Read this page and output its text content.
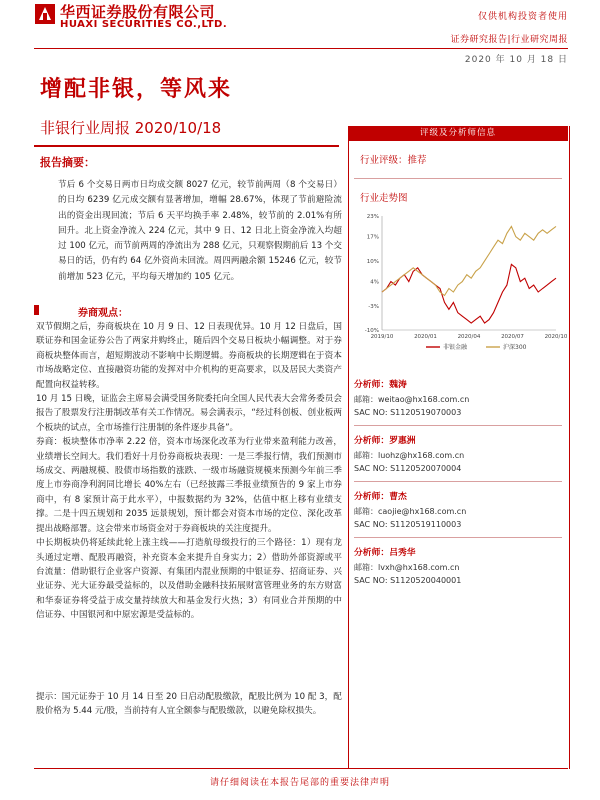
华西证券股份有限公司
HUAXI SECURITIES CO.,LTD.
仅供机构投资者使用
证券研究报告|行业研究周报
2020 年 10 月 18 日
增配非银，等风来
非银行业周报 2020/10/18
报告摘要：
节后 6 个交易日两市日均成交额 8027 亿元，较节前两周（8 个交易日）的日均 6239 亿元成交额有显著增加，增幅 28.67%，体现了节前避险流出的资金出现回流；节后 6 天平均换手率 2.48%，较节前的 2.01%有所回升。北上资金净流入 224 亿元，其中 9 日、12 日北上资金净流入均超过 100 亿元，而节前两周的净流出为 288 亿元，只观察假期前后 13 个交易日的话，仍有约 64 亿外资尚未回流。周四两融余额 15246 亿元，较节前增加 523 亿元，平均每天增加约 105 亿元。
券商观点：

双节假期之后，券商板块在 10 月 9 日、12 日表现优异。10 月 12 日盘后，国联证券和国金证券公告了两家并购终止，随后四个交易日板块小幅调整。对于券商板块整体而言，超短期波动不影响中长期逻辑。券商板块的长期逻辑在于资本市场战略定位、直接融资功能的发挥对中介机构的更高要求，以及居民大类资产配置向权益转移。

10 月 15 日晚，证监会主席易会满受国务院委托向全国人民代表大会常务委员会报告了股票发行注册制改革有关工作情况。易会满表示，“经过科创板、创业板两个板块的试点，全市场推行注册制的条件逐步具备”。

券商：板块整体市净率 2.22 倍，资本市场深化改革为行业带来盈利能力改善，业绩增长空间大。我们看好十月份券商板块表现：一是三季报行情，我们预测市场成交、两融规模、股债市场指数的涨跌、一级市场融资规模来预测今年前三季度上市券商净利润同比增长 40%左右（已经披露三季报业绩预告的 9 家上市券商中，有 8 家预计高于此水平），中报数据约为 32%，估值中枢上移有业绩支撑。二是十四五规划和 2035 远景规划，预计都会对资本市场的定位、深化改革提出战略部署。这会带来市场资金对于券商板块的关注度提升。

中长期板块仍将延续此轮上涨主线——打造航母级投行的三个路径：1）现有龙头通过定增、配股再融资，补充资本金来提升自身实力；2）借助外部资源或平台流量：借助银行企业客户资源、有集团内混业预期的中银证券、招商证券、兴业证券、光大证券最受益标的，以及借助金融科技拓展财富管理业务的东方财富和华泰证券将受益于成交量持续放大和基金发行火热；3）有同业合并预期的中信证券、中国银河和中原宏源是受益标的。

提示：国元证券于 10 月 14 日至 20 日启动配股缴款，配股比例为 10 配 3，配股价格为 5.44 元/股，当前持有人宜全额参与配股缴款，以避免除权损失。
评级及分析师信息
行业评级：推荐
行业走势图
23%
17%
10%
4%
-3%
-10%
2019/10	2020/01	2020/04	2020/07	2020/10
非银金融	沪深300
分析师：魏涛
邮箱：weitao@hx168.com.cn
SAC NO: S1120519070003
分析师：罗惠洲
邮箱：luohz@hx168.com.cn
SAC NO: S1120520070004
分析师：曹杰
邮箱：caojie@hx168.com.cn
SAC NO: S1120519110003
分析师：吕秀华
邮箱：lvxh@hx168.com.cn
SAC NO: S1120520040001
请仔细阅读在本报告尾部的重要法律声明
